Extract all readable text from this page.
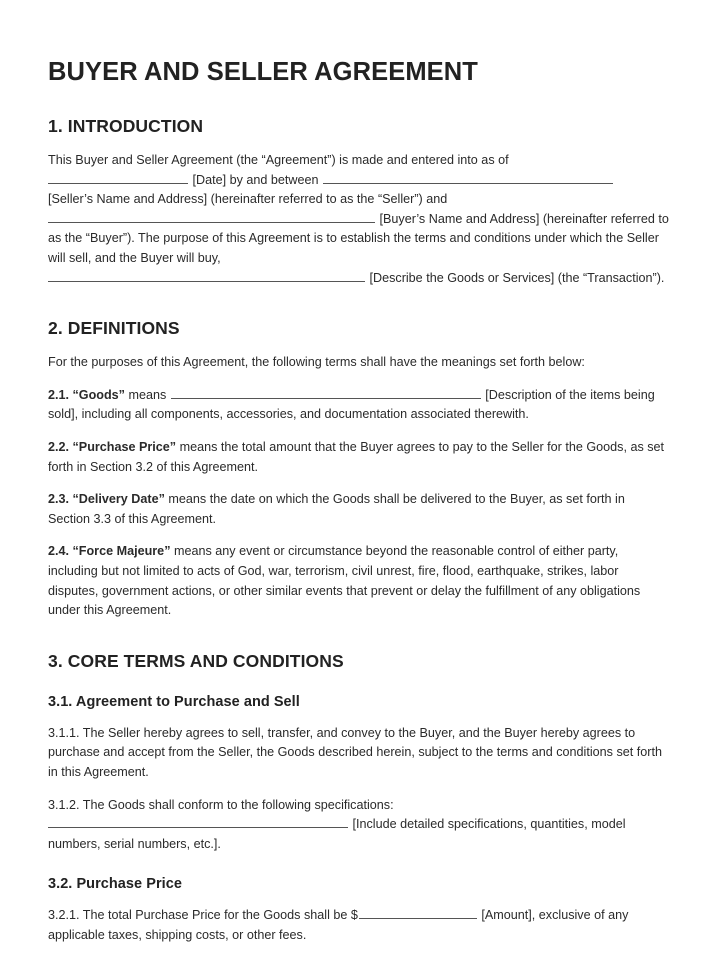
BUYER AND SELLER AGREEMENT
1. INTRODUCTION

This Buyer and Seller Agreement (the “Agreement”) is made and entered into as of
[Date] by and between
[Seller’s Name and Address] (hereinafter referred to as the “Seller”) and
[Buyer’s Name and Address] (hereinafter referred to as the “Buyer”). The purpose of this Agreement is to establish the terms and conditions under which the Seller will sell, and the Buyer will buy,
[Describe the Goods or Services] (the “Transaction”).

2. DEFINITIONS

For the purposes of this Agreement, the following terms shall have the meanings set forth below:

2.1. “Goods” means	[Description of the items being sold], including all components, accessories, and documentation associated therewith.

2.2. “Purchase Price” means the total amount that the Buyer agrees to pay to the Seller for the Goods, as set forth in Section 3.2 of this Agreement.

2.3. “Delivery Date” means the date on which the Goods shall be delivered to the Buyer, as set forth in Section 3.3 of this Agreement.

2.4. “Force Majeure” means any event or circumstance beyond the reasonable control of either party, including but not limited to acts of God, war, terrorism, civil unrest, fire, flood, earthquake, strikes, labor disputes, government actions, or other similar events that prevent or delay the fulfillment of any obligations under this Agreement.

3. CORE TERMS AND CONDITIONS
3.1. Agreement to Purchase and Sell

3.1.1. The Seller hereby agrees to sell, transfer, and convey to the Buyer, and the Buyer hereby agrees to purchase and accept from the Seller, the Goods described herein, subject to the terms and conditions set forth in this Agreement.

3.1.2. The Goods shall conform to the following specifications:
[Include detailed specifications, quantities, model numbers, serial numbers, etc.].

3.2. Purchase Price

3.2.1. The total Purchase Price for the Goods shall be $	[Amount], exclusive of any applicable taxes, shipping costs, or other fees.
